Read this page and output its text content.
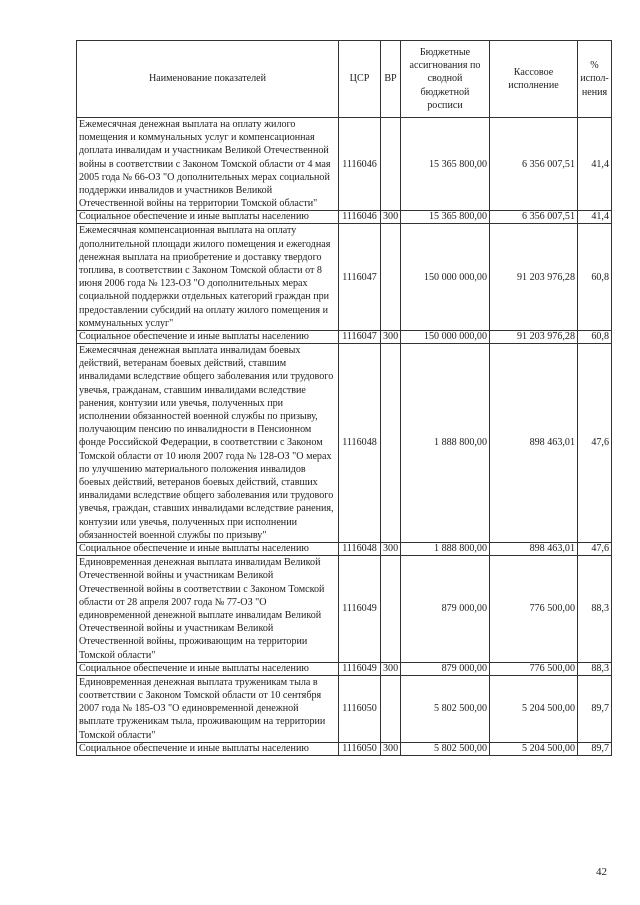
Наименование показателей	ЦСР	ВР	Бюджетные ассигнования по сводной бюджетной росписи	Кассовое исполнение	% испол-нения
Ежемесячная денежная выплата на оплату жилого помещения и коммунальных услуг и компенсационная доплата инвалидам и участникам Великой Отечественной войны в соответствии с Законом Томской области от 4 мая 2005 года № 66-ОЗ "О дополнительных мерах социальной поддержки инвалидов и участников Великой Отечественной войны на территории Томской области"	1116046		15 365 800,00	6 356 007,51	41,4
Социальное обеспечение и иные выплаты населению	1116046	300	15 365 800,00	6 356 007,51	41,4
Ежемесячная компенсационная выплата на оплату дополнительной площади жилого помещения и ежегодная денежная выплата на приобретение и доставку твердого топлива, в соответствии с Законом Томской области от 8 июня 2006 года № 123-ОЗ "О дополнительных мерах социальной поддержки отдельных категорий граждан при предоставлении субсидий на оплату жилого помещения и коммунальных услуг"	1116047		150 000 000,00	91 203 976,28	60,8
Социальное обеспечение и иные выплаты населению	1116047	300	150 000 000,00	91 203 976,28	60,8
Ежемесячная денежная выплата инвалидам боевых действий, ветеранам боевых действий, ставшим инвалидами вследствие общего заболевания или трудового увечья, гражданам, ставшим инвалидами вследствие ранения, контузии или увечья, полученных при исполнении обязанностей военной службы по призыву, получающим пенсию по инвалидности в Пенсионном фонде Российской Федерации, в соответствии с Законом Томской области от 10 июля 2007 года № 128-ОЗ "О мерах по улучшению материального положения инвалидов боевых действий, ветеранов боевых действий, ставших инвалидами вследствие общего заболевания или трудового увечья, граждан, ставших инвалидами вследствие ранения, контузии или увечья, полученных при исполнении обязанностей военной службы по призыву"	1116048		1 888 800,00	898 463,01	47,6
Социальное обеспечение и иные выплаты населению	1116048	300	1 888 800,00	898 463,01	47,6
Единовременная денежная выплата инвалидам Великой Отечественной войны и участникам Великой Отечественной войны в соответствии с Законом Томской области от 28 апреля 2007 года № 77-ОЗ "О единовременной денежной выплате инвалидам Великой Отечественной войны и участникам Великой Отечественной войны, проживающим на территории Томской области"	1116049		879 000,00	776 500,00	88,3
Социальное обеспечение и иные выплаты населению	1116049	300	879 000,00	776 500,00	88,3
Единовременная денежная выплата труженикам тыла в соответствии с Законом Томской области от 10 сентября 2007 года № 185-ОЗ "О единовременной денежной выплате труженикам тыла, проживающим на территории Томской области"	1116050		5 802 500,00	5 204 500,00	89,7
Социальное обеспечение и иные выплаты населению	1116050	300	5 802 500,00	5 204 500,00	89,7
42
